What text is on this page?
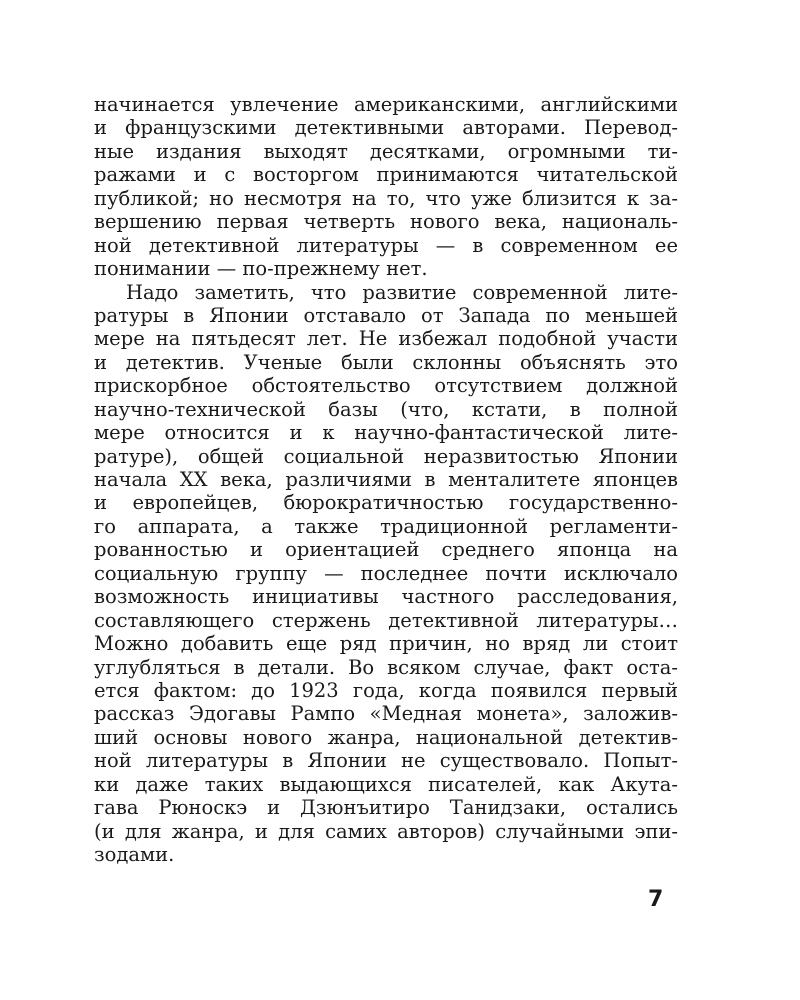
начинается увлечение американскими, английскими
и французскими детективными авторами. Перевод-
ные издания выходят десятками, огромными ти-
ражами и с восторгом принимаются читательской
публикой; но несмотря на то, что уже близится к за-
вершению первая четверть нового века, националь-
ной детективной литературы — в современном ее
понимании — по-прежнему нет.
Надо заметить, что развитие современной лите-
ратуры в Японии отставало от Запада по меньшей
мере на пятьдесят лет. Не избежал подобной участи
и детектив. Ученые были склонны объяснять это
прискорбное обстоятельство отсутствием должной
научно-технической базы (что, кстати, в полной
мере относится и к научно-фантастической лите-
ратуре), общей социальной неразвитостью Японии
начала XX века, различиями в менталитете японцев
и европейцев, бюрократичностью государственно-
го аппарата, а также традиционной регламенти-
рованностью и ориентацией среднего японца на
социальную группу — последнее почти исключало
возможность инициативы частного расследования,
составляющего стержень детективной литературы…
Можно добавить еще ряд причин, но вряд ли стоит
углубляться в детали. Во всяком случае, факт оста-
ется фактом: до 1923 года, когда появился первый
рассказ Эдогавы Рампо «Медная монета», заложив-
ший основы нового жанра, национальной детектив-
ной литературы в Японии не существовало. Попыт-
ки даже таких выдающихся писателей, как Акута-
гава Рюноскэ и Дзюнъитиро Танидзаки, остались
(и для жанра, и для самих авторов) случайными эпи-
зодами.
7
